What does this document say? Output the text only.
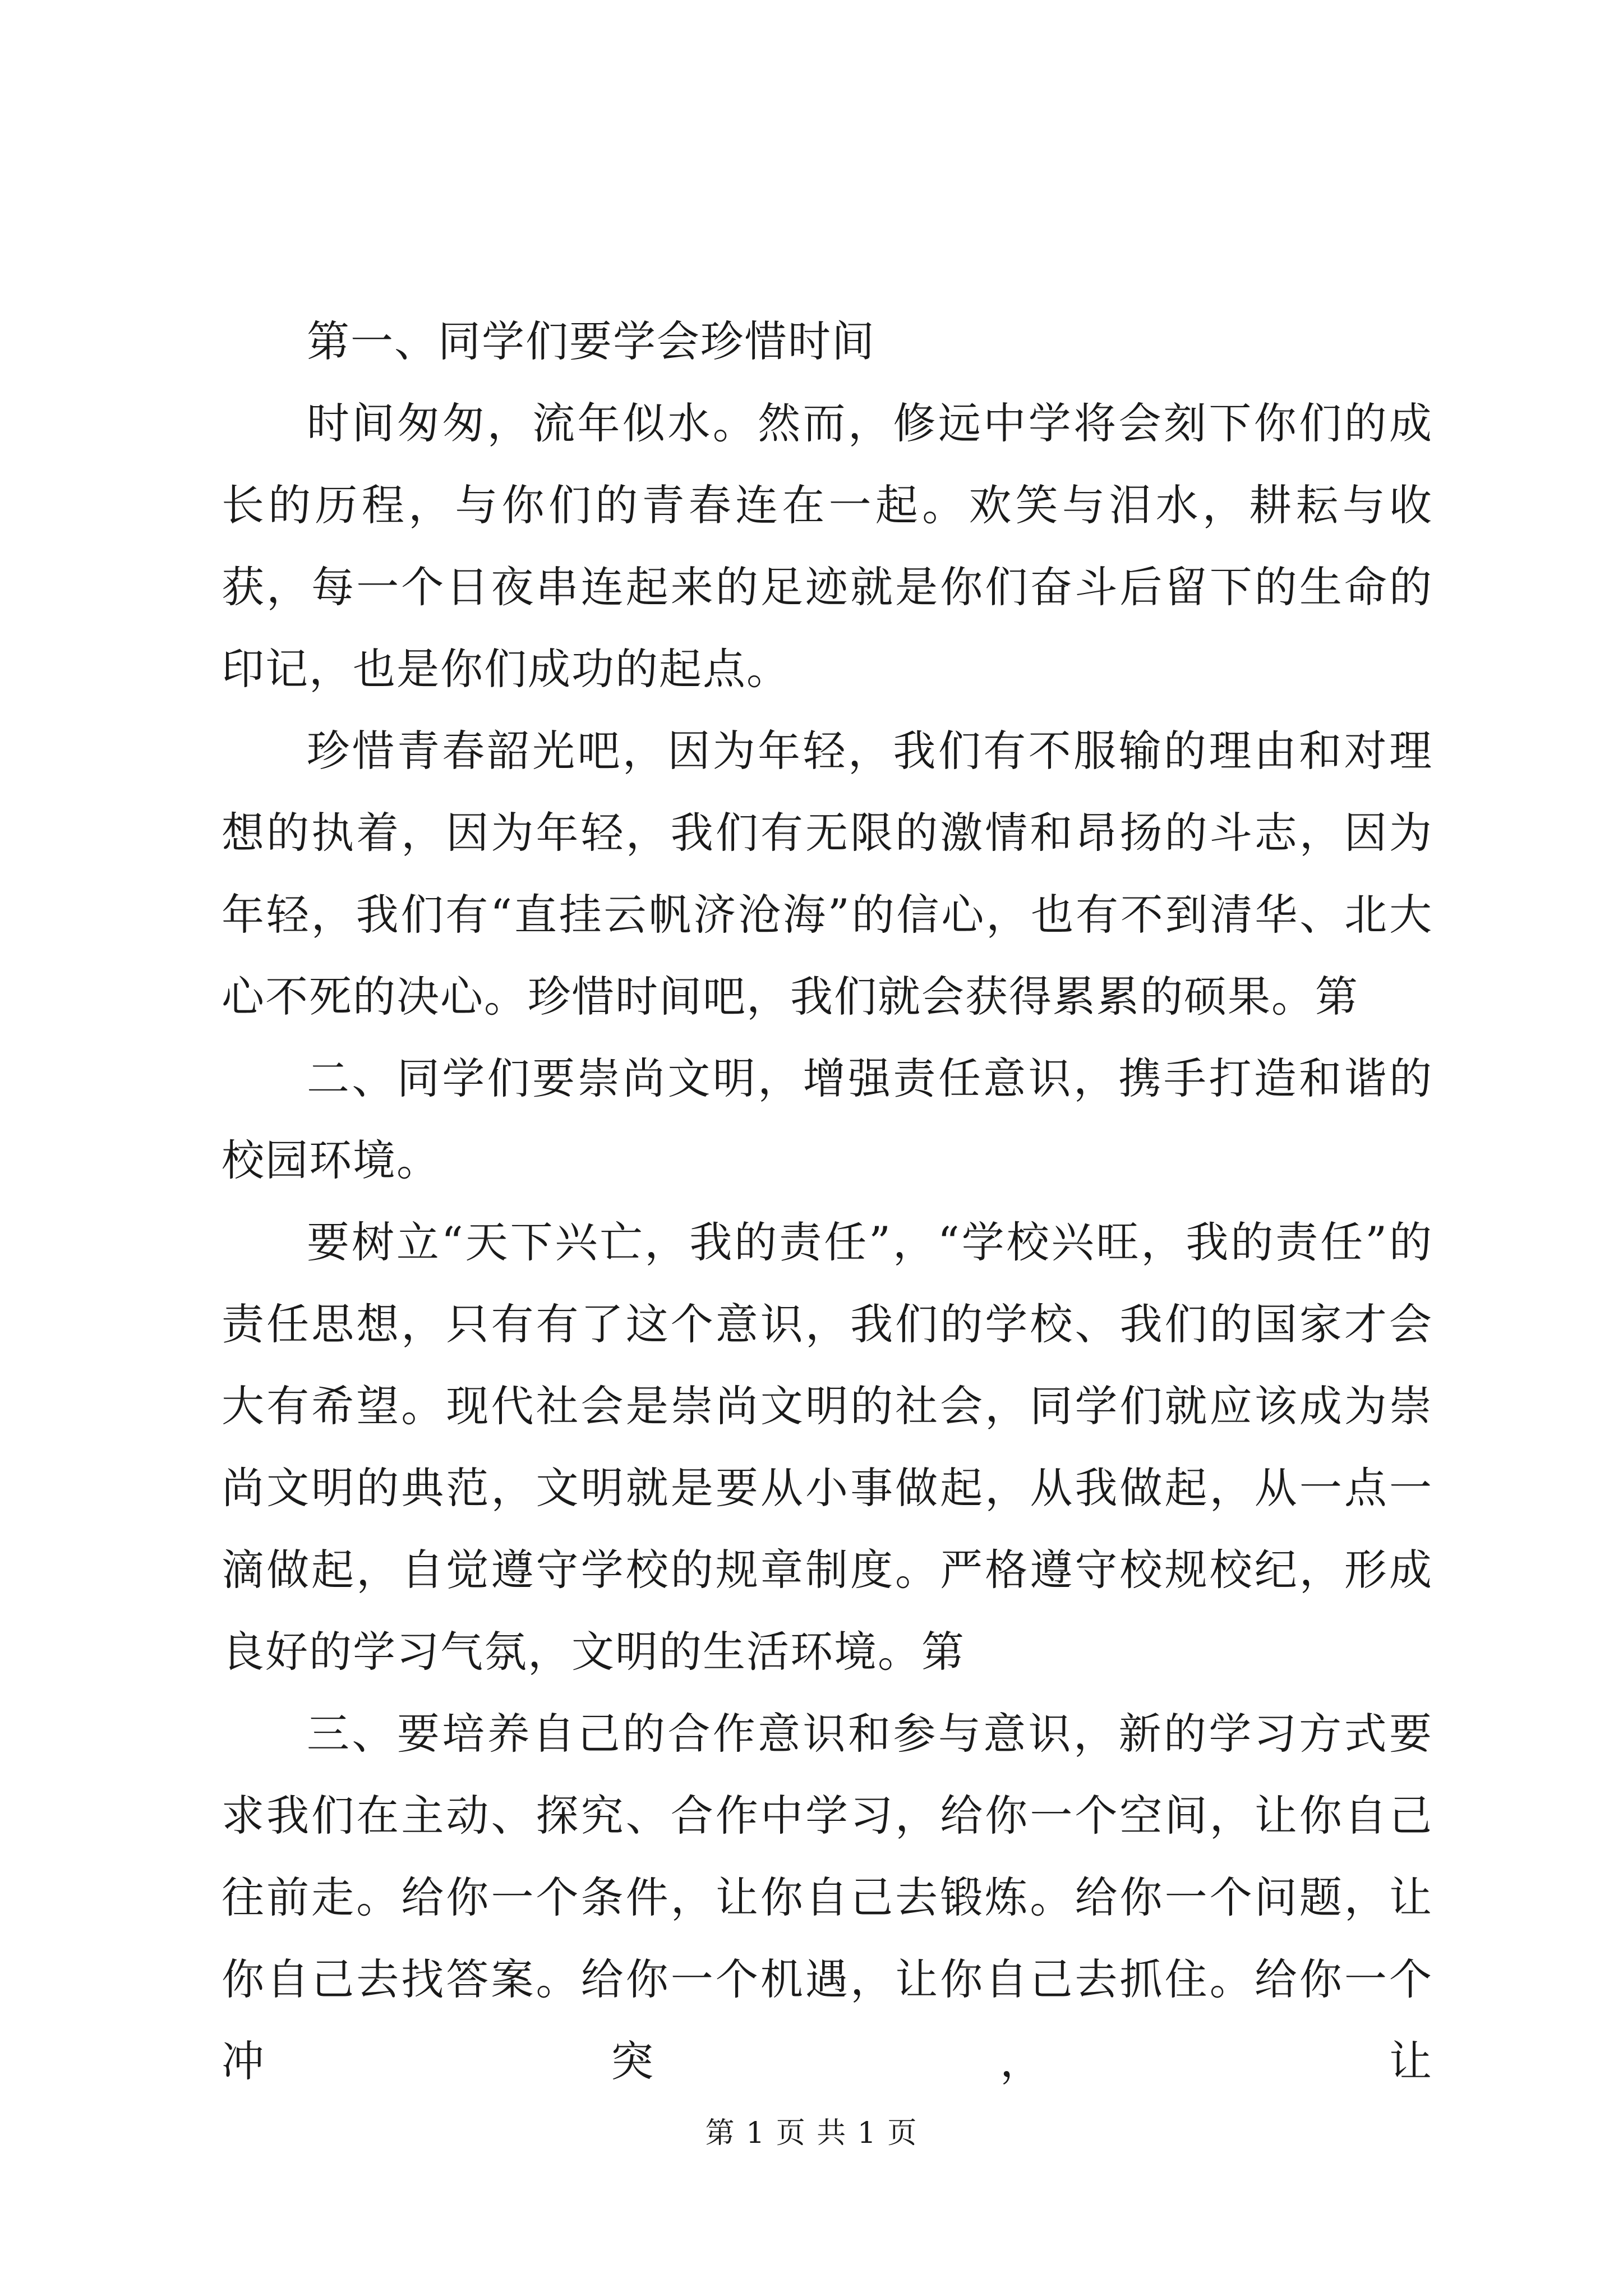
第一、同学们要学会珍惜时间

时间匆匆，流年似水。然而，修远中学将会刻下你们的成长的历程，与你们的青春连在一起。欢笑与泪水，耕耘与收获，每一个日夜串连起来的足迹就是你们奋斗后留下的生命的印记，也是你们成功的起点。

珍惜青春韶光吧，因为年轻，我们有不服输的理由和对理想的执着，因为年轻，我们有无限的激情和昂扬的斗志，因为年轻，我们有“直挂云帆济沧海”的信心，也有不到清华、北大心不死的决心。珍惜时间吧，我们就会获得累累的硕果。第

二、同学们要崇尚文明，增强责任意识，携手打造和谐的校园环境。

要树立“天下兴亡，我的责任”，“学校兴旺，我的责任”的责任思想，只有有了这个意识，我们的学校、我们的国家才会大有希望。现代社会是崇尚文明的社会，同学们就应该成为崇尚文明的典范，文明就是要从小事做起，从我做起，从一点一滴做起，自觉遵守学校的规章制度。严格遵守校规校纪，形成良好的学习气氛，文明的生活环境。第

三、要培养自己的合作意识和参与意识，新的学习方式要求我们在主动、探究、合作中学习，给你一个空间，让你自己往前走。给你一个条件，让你自己去锻炼。给你一个问题，让你自己去找答案。给你一个机遇，让你自己去抓住。给你一个冲突，让

第 1 页 共 1 页
